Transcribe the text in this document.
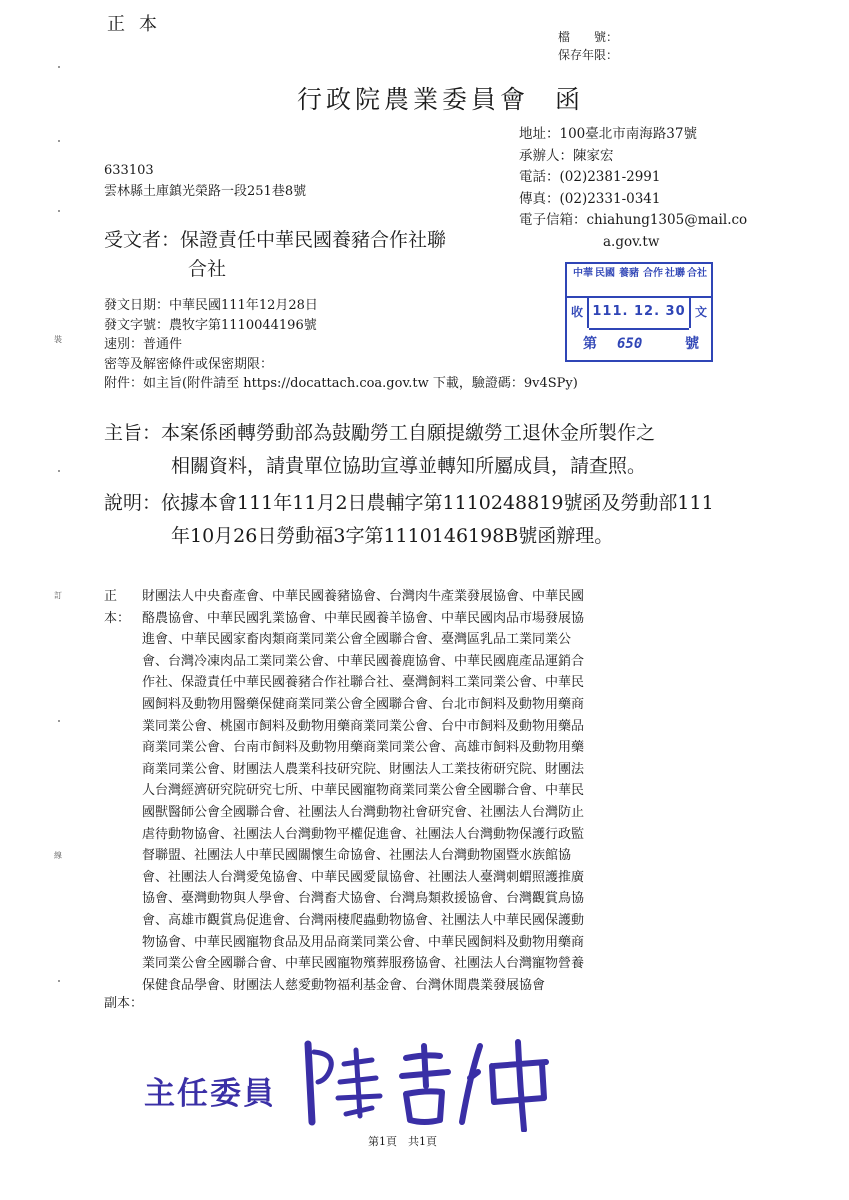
正本
檔　　號：
保存年限：
行政院農業委員會 函
地址：100臺北市南海路37號
承辦人：陳家宏
電話：(02)2381-2991
傳真：(02)2331-0341
電子信箱：chiahung1305@mail.co
a.gov.tw
633103
雲林縣土庫鎮光榮路一段251巷8號
受文者：保證責任中華民國養豬合作社聯
合社	中華 民國 養豬 合作 社聯 合社
收 111. 12. 30 文
第 650	號
發文日期：中華民國111年12月28日
發文字號：農牧字第1110044196號
速別：普通件
密等及解密條件或保密期限：
附件：如主旨(附件請至 https://docattach.coa.gov.tw 下載，驗證碼：9v4SPy)
主旨：本案係函轉勞動部為鼓勵勞工自願提繳勞工退休金所製作之
相關資料，請貴單位協助宣導並轉知所屬成員，請查照。
說明：依據本會111年11月2日農輔字第1110248819號函及勞動部111
年10月26日勞動福3字第1110146198B號函辦理。
正本：
財團法人中央畜產會、中華民國養豬協會、台灣肉牛產業發展協會、中華民國
酪農協會、中華民國乳業協會、中華民國養羊協會、中華民國肉品市場發展協
進會、中華民國家畜肉類商業同業公會全國聯合會、臺灣區乳品工業同業公
會、台灣冷凍肉品工業同業公會、中華民國養鹿協會、中華民國鹿產品運銷合
作社、保證責任中華民國養豬合作社聯合社、臺灣飼料工業同業公會、中華民
國飼料及動物用醫藥保健商業同業公會全國聯合會、台北市飼料及動物用藥商
業同業公會、桃園市飼料及動物用藥商業同業公會、台中市飼料及動物用藥品
商業同業公會、台南市飼料及動物用藥商業同業公會、高雄市飼料及動物用藥
商業同業公會、財團法人農業科技研究院、財團法人工業技術研究院、財團法
人台灣經濟研究院研究七所、中華民國寵物商業同業公會全國聯合會、中華民
國獸醫師公會全國聯合會、社團法人台灣動物社會研究會、社團法人台灣防止
虐待動物協會、社團法人台灣動物平權促進會、社團法人台灣動物保護行政監
督聯盟、社團法人中華民國關懷生命協會、社團法人台灣動物園暨水族館協
會、社團法人台灣愛兔協會、中華民國愛鼠協會、社團法人臺灣刺蝟照護推廣
協會、臺灣動物與人學會、台灣畜犬協會、台灣鳥類救援協會、台灣觀賞鳥協
會、高雄市觀賞鳥促進會、台灣兩棲爬蟲動物協會、社團法人中華民國保護動
物協會、中華民國寵物食品及用品商業同業公會、中華民國飼料及動物用藥商
業同業公會全國聯合會、中華民國寵物殯葬服務協會、社團法人台灣寵物營養
保健食品學會、財團法人慈愛動物福利基金會、台灣休閒農業發展協會
副本：
主任委員
第1頁　共1頁
裝
訂
線
